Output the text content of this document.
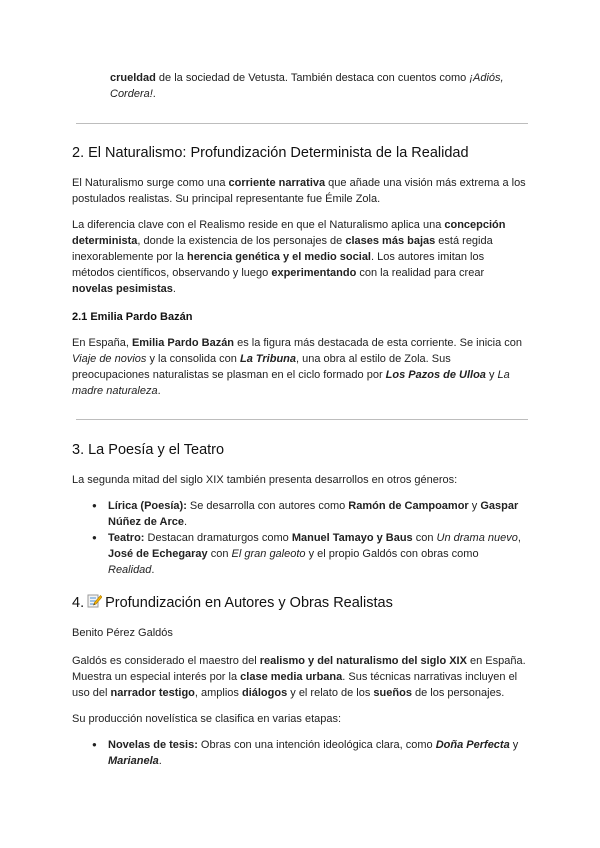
crueldad de la sociedad de Vetusta. También destaca con cuentos como ¡Adiós, Cordera!.

2. El Naturalismo: Profundización Determinista de la Realidad

El Naturalismo surge como una corriente narrativa que añade una visión más extrema a los postulados realistas. Su principal representante fue Émile Zola.

La diferencia clave con el Realismo reside en que el Naturalismo aplica una concepción determinista, donde la existencia de los personajes de clases más bajas está regida inexorablemente por la herencia genética y el medio social. Los autores imitan los métodos científicos, observando y luego experimentando con la realidad para crear novelas pesimistas.

2.1 Emilia Pardo Bazán

En España, Emilia Pardo Bazán es la figura más destacada de esta corriente. Se inicia con Viaje de novios y la consolida con La Tribuna, una obra al estilo de Zola. Sus preocupaciones naturalistas se plasman en el ciclo formado por Los Pazos de Ulloa y La madre naturaleza.

3. La Poesía y el Teatro

La segunda mitad del siglo XIX también presenta desarrollos en otros géneros:

● Lírica (Poesía): Se desarrolla con autores como Ramón de Campoamor y Gaspar Núñez de Arce.
● Teatro: Destacan dramaturgos como Manuel Tamayo y Baus con Un drama nuevo, José de Echegaray con El gran galeoto y el propio Galdós con obras como Realidad.
4. Profundización en Autores y Obras Realistas

Benito Pérez Galdós

Galdós es considerado el maestro del realismo y del naturalismo del siglo XIX en España. Muestra un especial interés por la clase media urbana. Sus técnicas narrativas incluyen el uso del narrador testigo, amplios diálogos y el relato de los sueños de los personajes.

Su producción novelística se clasifica en varias etapas:

● Novelas de tesis: Obras con una intención ideológica clara, como Doña Perfecta y Marianela.
